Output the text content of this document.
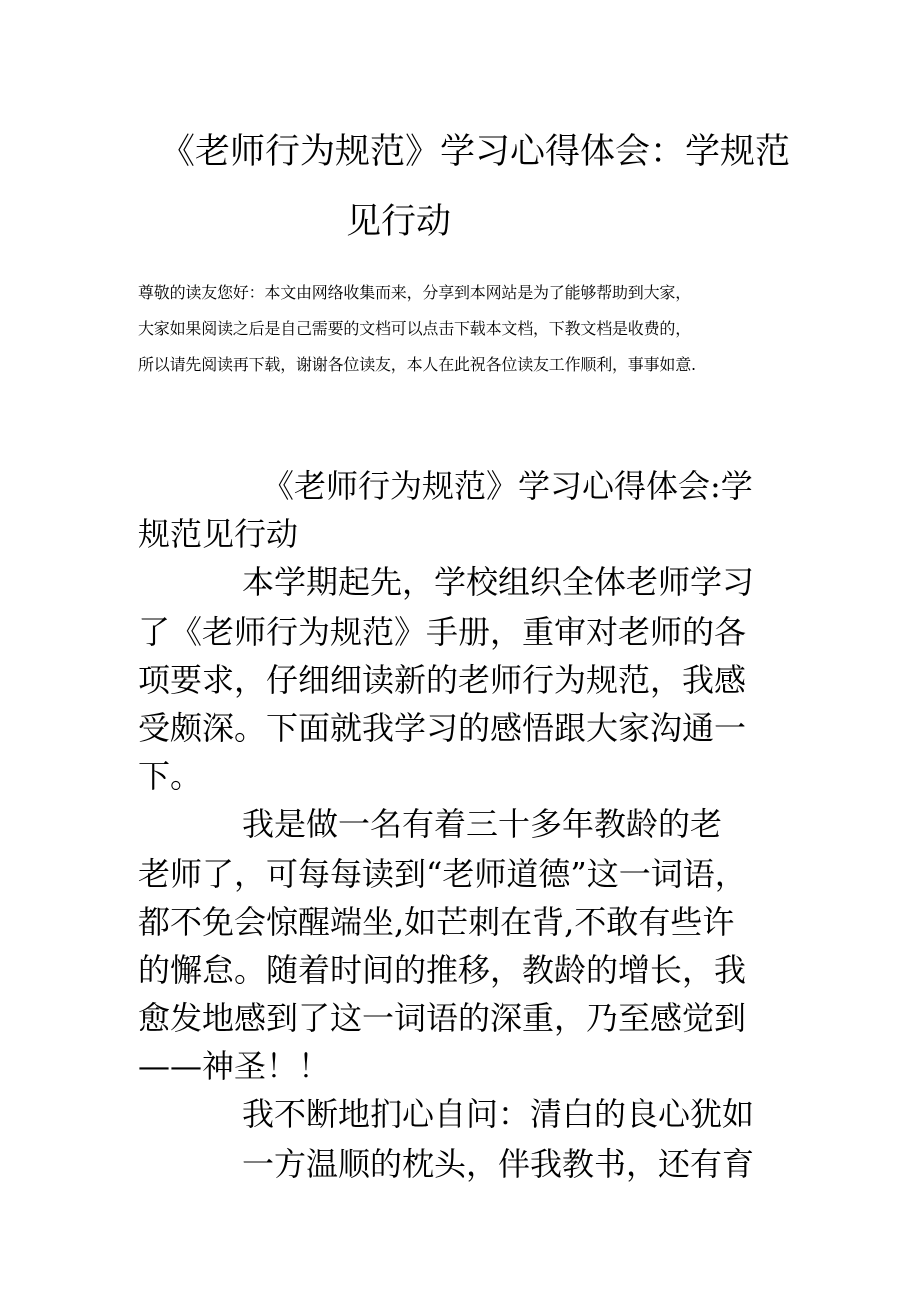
《老师行为规范》学习心得体会：学规范
见行动

尊敬的读友您好：本文由网络收集而来，分享到本网站是为了能够帮助到大家，

大家如果阅读之后是自己需要的文档可以点击下载本文档，下教文档是收费的，

所以请先阅读再下载，谢谢各位读友，本人在此祝各位读友工作顺利，事事如意.

《老师行为规范》学习心得体会:学

规范见行动

本学期起先，学校组织全体老师学习

了《老师行为规范》手册，重审对老师的各

项要求，仔细细读新的老师行为规范，我感

受颇深。下面就我学习的感悟跟大家沟通一

下。

我是做一名有着三十多年教龄的老

老师了，可每每读到“老师道德”这一词语，

都不免会惊醒端坐,如芒刺在背,不敢有些许

的懈怠。随着时间的推移，教龄的增长，我

愈发地感到了这一词语的深重，乃至感觉到

——神圣！！

我不断地扪心自问：清白的良心犹如

一方温顺的枕头，伴我教书，还有育
